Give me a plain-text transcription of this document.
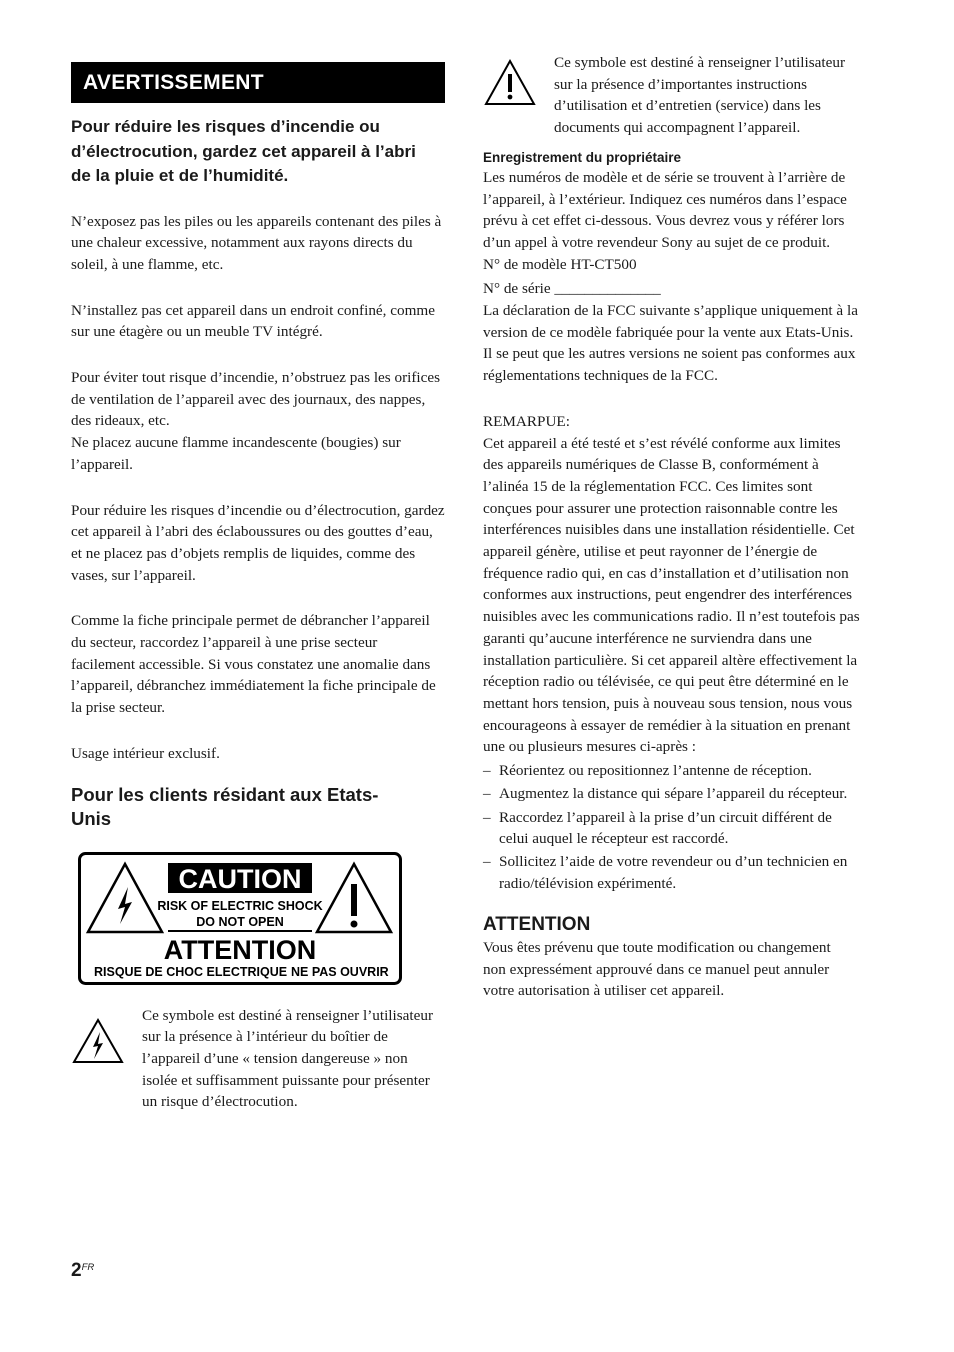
AVERTISSEMENT

Pour réduire les risques d’incendie ou d’électrocution, gardez cet appareil à l’abri de la pluie et de l’humidité.

N’exposez pas les piles ou les appareils contenant des piles à une chaleur excessive, notamment aux rayons directs du soleil, à une flamme, etc.

N’installez pas cet appareil dans un endroit confiné, comme sur une étagère ou un meuble TV intégré.

Pour éviter tout risque d’incendie, n’obstruez pas les orifices de ventilation de l’appareil avec des journaux, des nappes, des rideaux, etc.

Ne placez aucune flamme incandescente (bougies) sur l’appareil.

Pour réduire les risques d’incendie ou d’électrocution, gardez cet appareil à l’abri des éclaboussures ou des gouttes d’eau, et ne placez pas d’objets remplis de liquides, comme des vases, sur l’appareil.

Comme la fiche principale permet de débrancher l’appareil du secteur, raccordez l’appareil à une prise secteur facilement accessible. Si vous constatez une anomalie dans l’appareil, débranchez immédiatement la fiche principale de la prise secteur.

Usage intérieur exclusif.

Pour les clients résidant aux Etats-Unis

CAUTION
RISK OF ELECTRIC SHOCK
DO NOT OPEN
ATTENTION
RISQUE DE CHOC ELECTRIQUE NE PAS OUVRIR

Ce symbole est destiné à renseigner l’utilisateur sur la présence à l’intérieur du boîtier de l’appareil d’une « tension dangereuse » non isolée et suffisamment puissante pour présenter un risque d’électrocution.

Ce symbole est destiné à renseigner l’utilisateur sur la présence d’importantes instructions d’utilisation et d’entretien (service) dans les documents qui accompagnent l’appareil.

Enregistrement du propriétaire

Les numéros de modèle et de série se trouvent à l’arrière de l’appareil, à l’extérieur. Indiquez ces numéros dans l’espace prévu à cet effet ci-dessous. Vous devrez vous y référer lors d’un appel à votre revendeur Sony au sujet de ce produit.

N° de modèle HT-CT500

N° de série ______________

La déclaration de la FCC suivante s’applique uniquement à la version de ce modèle fabriquée pour la vente aux Etats-Unis. Il se peut que les autres versions ne soient pas conformes aux réglementations techniques de la FCC.

REMARPUE:

Cet appareil a été testé et s’est révélé conforme aux limites des appareils numériques de Classe B, conformément à l’alinéa 15 de la réglementation FCC. Ces limites sont conçues pour assurer une protection raisonnable contre les interférences nuisibles dans une installation résidentielle. Cet appareil génère, utilise et peut rayonner de l’énergie de fréquence radio qui, en cas d’installation et d’utilisation non conformes aux instructions, peut engendrer des interférences nuisibles avec les communications radio. Il n’est toutefois pas garanti qu’aucune interférence ne surviendra dans une installation particulière. Si cet appareil altère effectivement la réception radio ou télévisée, ce qui peut être déterminé en le mettant hors tension, puis à nouveau sous tension, nous vous encourageons à essayer de remédier à la situation en prenant une ou plusieurs mesures ci-après :

– Réorientez ou repositionnez l’antenne de réception.
– Augmentez la distance qui sépare l’appareil du récepteur.
– Raccordez l’appareil à la prise d’un circuit différent de celui auquel le récepteur est raccordé.
– Sollicitez l’aide de votre revendeur ou d’un technicien en radio/télévision expérimenté.

ATTENTION

Vous êtes prévenu que toute modification ou changement non expressément approuvé dans ce manuel peut annuler votre autorisation à utiliser cet appareil.

$2^{FR}$
